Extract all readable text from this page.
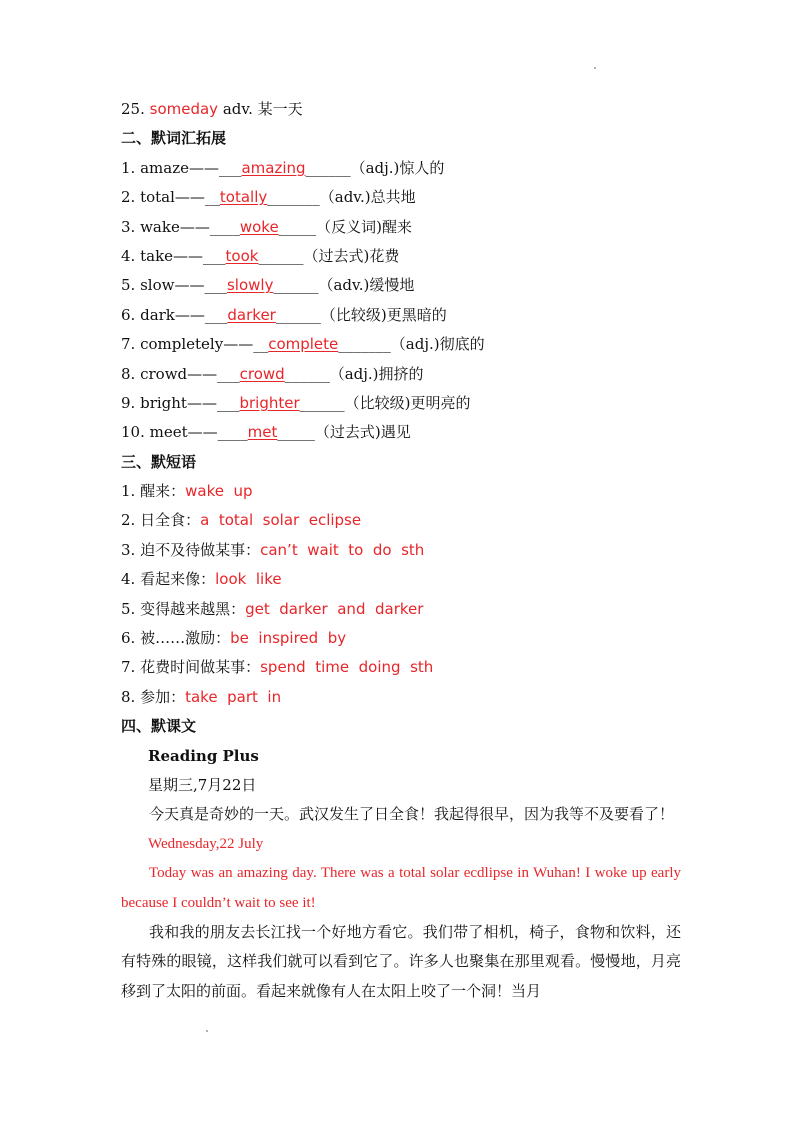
25. someday adv. 某一天
二、默词汇拓展
1. amaze——___amazing______（adj.)惊人的
2. total——__totally_______（adv.)总共地
3. wake——____woke_____（反义词)醒来
4. take——___took______（过去式)花费
5. slow——___slowly______（adv.)缓慢地
6. dark——___darker______（比较级)更黑暗的
7. completely——__complete_______（adj.)彻底的
8. crowd——___crowd______（adj.)拥挤的
9. bright——___brighter______（比较级)更明亮的
10. meet——____met_____（过去式)遇见
三、默短语
1. 醒来：wake  up
2. 日全食：a  total  solar  eclipse
3. 迫不及待做某事：can’t  wait  to  do  sth
4. 看起来像：look  like
5. 变得越来越黑：get  darker  and  darker
6. 被……激励：be  inspired  by
7. 花费时间做某事：spend  time  doing  sth
8. 参加：take  part  in
四、默课文
Reading Plus
星期三,7月22日
今天真是奇妙的一天。武汉发生了日全食！我起得很早，因为我等不及要看了！
Wednesday,22 July
Today was an amazing day. There was a total solar ecdlipse in Wuhan! I woke up early because I couldn’t wait to see it!
我和我的朋友去长江找一个好地方看它。我们带了相机，椅子，食物和饮料，还有特殊的眼镜，这样我们就可以看到它了。许多人也聚集在那里观看。慢慢地，月亮移到了太阳的前面。看起来就像有人在太阳上咬了一个洞！当月
